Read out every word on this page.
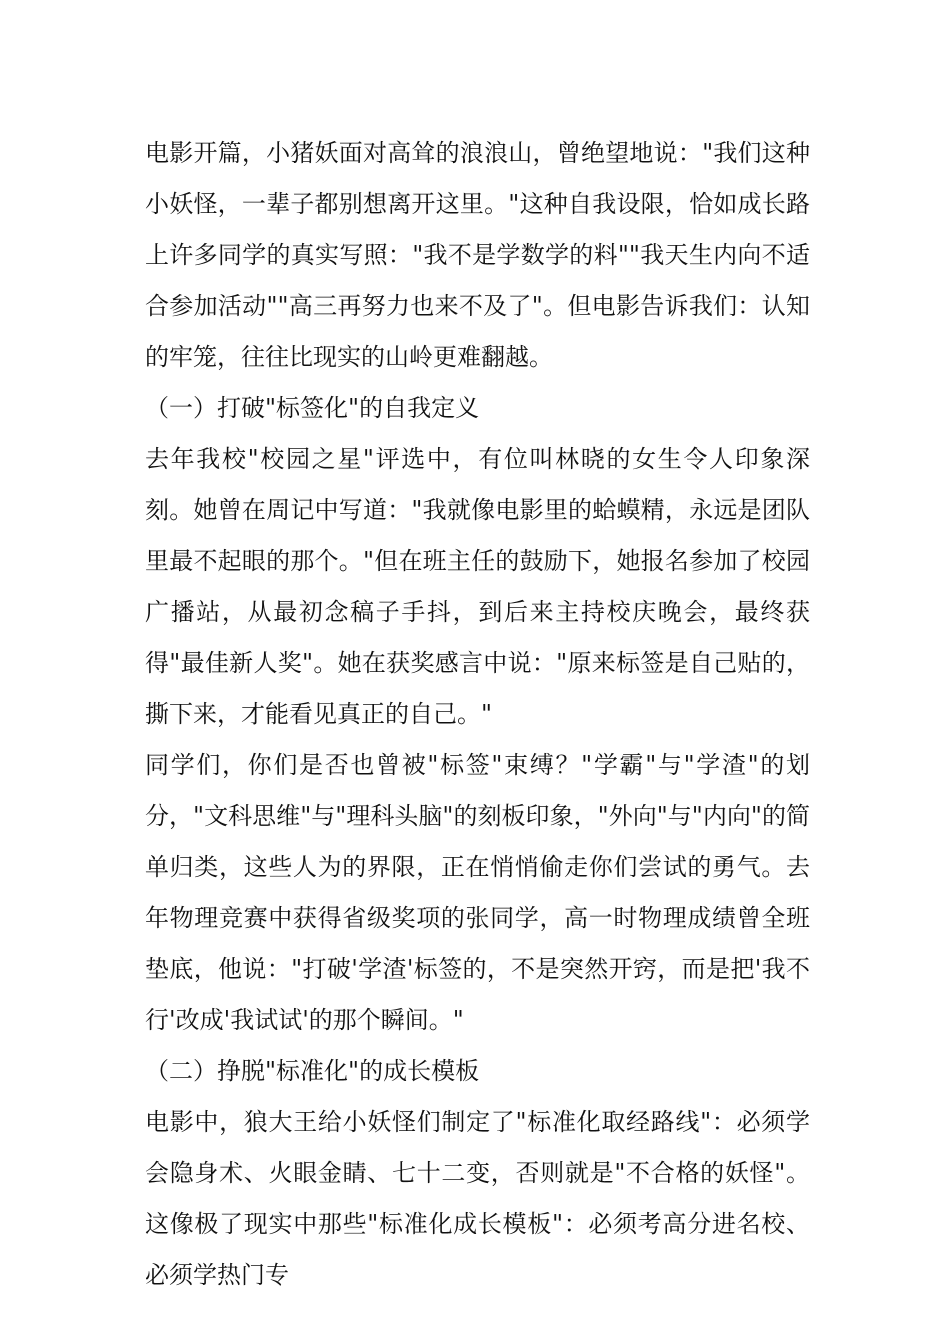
电影开篇，小猪妖面对高耸的浪浪山，曾绝望地说："我们这种小妖怪，一辈子都别想离开这里。"这种自我设限，恰如成长路上许多同学的真实写照："我不是学数学的料""我天生内向不适合参加活动""高三再努力也来不及了"。但电影告诉我们：认知的牢笼，往往比现实的山岭更难翻越。

（一）打破"标签化"的自我定义

去年我校"校园之星"评选中，有位叫林晓的女生令人印象深刻。她曾在周记中写道："我就像电影里的蛤蟆精，永远是团队里最不起眼的那个。"但在班主任的鼓励下，她报名参加了校园广播站，从最初念稿子手抖，到后来主持校庆晚会，最终获得"最佳新人奖"。她在获奖感言中说："原来标签是自己贴的，撕下来，才能看见真正的自己。"

同学们，你们是否也曾被"标签"束缚？"学霸"与"学渣"的划分，"文科思维"与"理科头脑"的刻板印象，"外向"与"内向"的简单归类，这些人为的界限，正在悄悄偷走你们尝试的勇气。去年物理竞赛中获得省级奖项的张同学，高一时物理成绩曾全班垫底，他说："打破'学渣'标签的，不是突然开窍，而是把'我不行'改成'我试试'的那个瞬间。"

（二）挣脱"标准化"的成长模板

电影中，狼大王给小妖怪们制定了"标准化取经路线"：必须学会隐身术、火眼金睛、七十二变，否则就是"不合格的妖怪"。这像极了现实中那些"标准化成长模板"：必须考高分进名校、必须学热门专
